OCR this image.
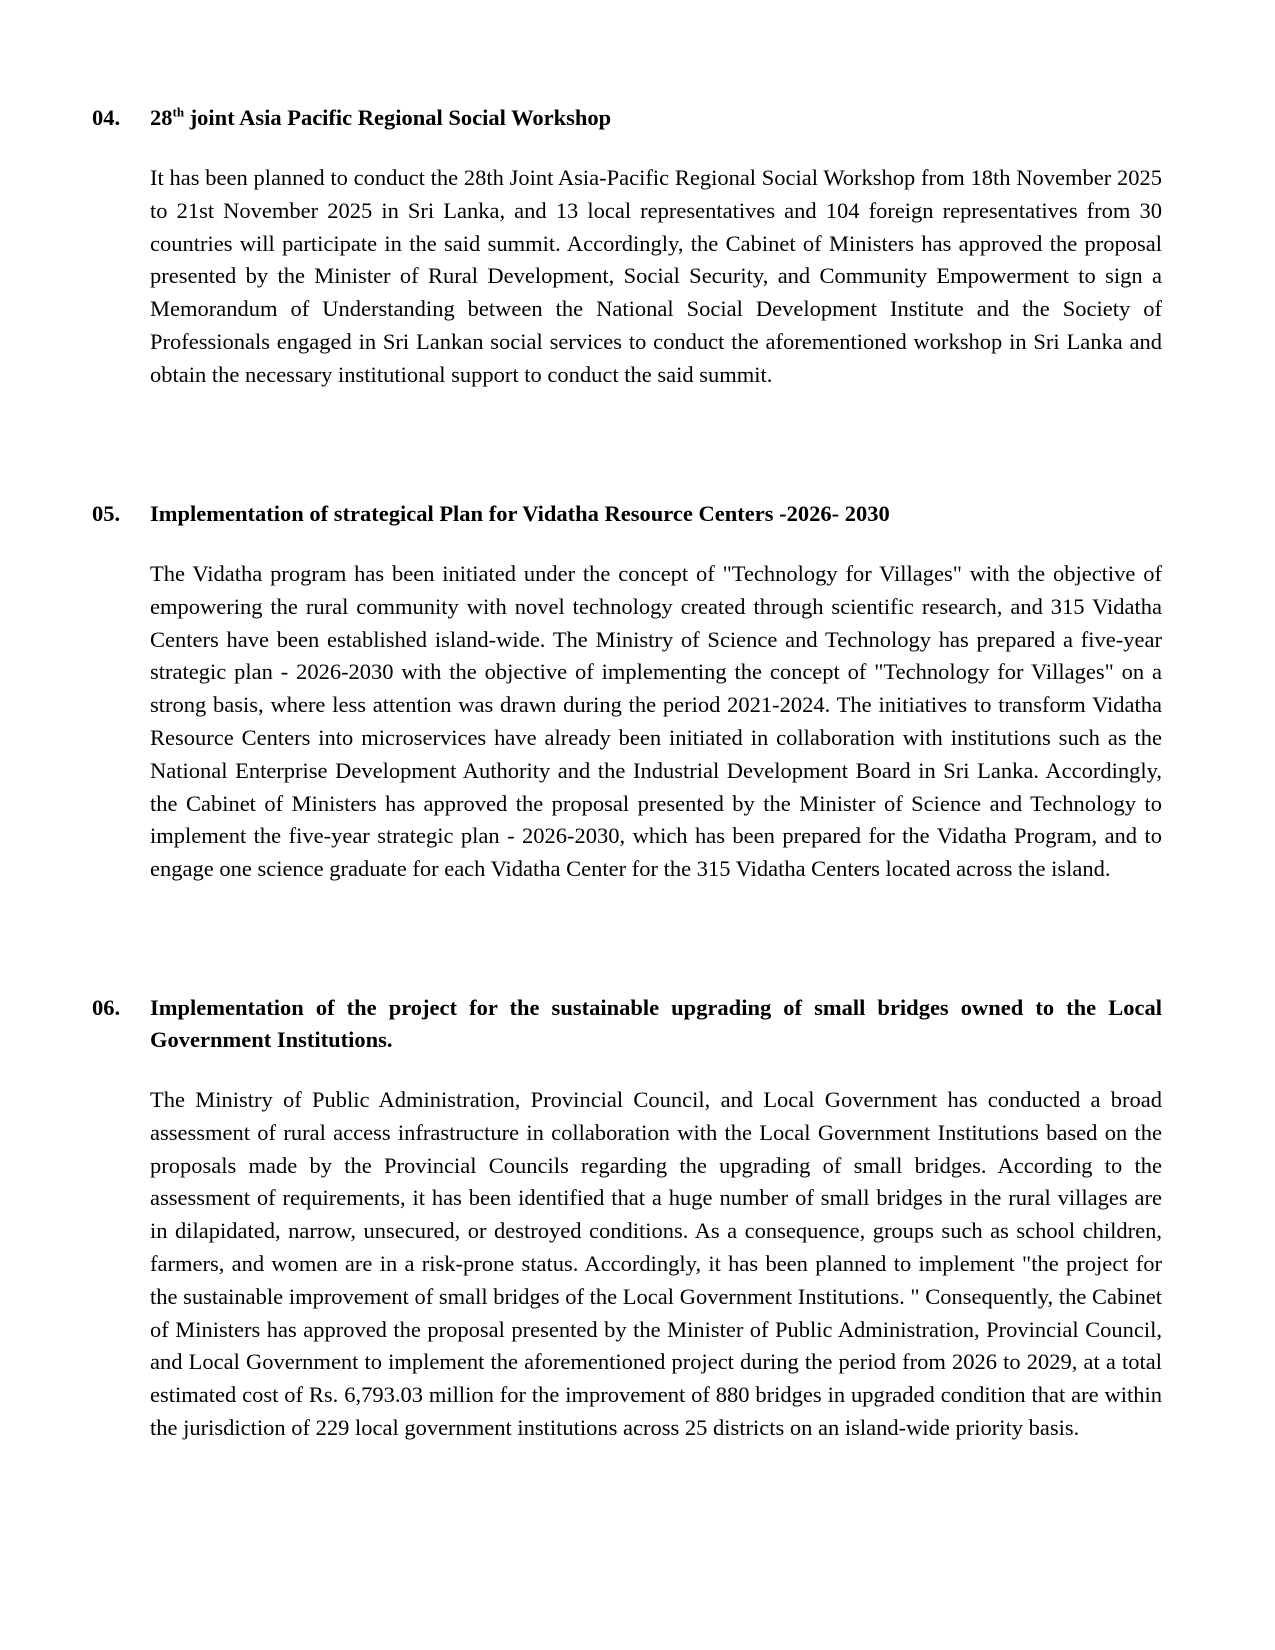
04. 28th joint Asia Pacific Regional Social Workshop
It has been planned to conduct the 28th Joint Asia-Pacific Regional Social Workshop from 18th November 2025 to 21st November 2025 in Sri Lanka, and 13 local representatives and 104 foreign representatives from 30 countries will participate in the said summit. Accordingly, the Cabinet of Ministers has approved the proposal presented by the Minister of Rural Development, Social Security, and Community Empowerment to sign a Memorandum of Understanding between the National Social Development Institute and the Society of Professionals engaged in Sri Lankan social services to conduct the aforementioned workshop in Sri Lanka and obtain the necessary institutional support to conduct the said summit.
05. Implementation of strategical Plan for Vidatha Resource Centers -2026- 2030
The Vidatha program has been initiated under the concept of "Technology for Villages" with the objective of empowering the rural community with novel technology created through scientific research, and 315 Vidatha Centers have been established island-wide. The Ministry of Science and Technology has prepared a five-year strategic plan - 2026-2030 with the objective of implementing the concept of "Technology for Villages" on a strong basis, where less attention was drawn during the period 2021-2024. The initiatives to transform Vidatha Resource Centers into microservices have already been initiated in collaboration with institutions such as the National Enterprise Development Authority and the Industrial Development Board in Sri Lanka. Accordingly, the Cabinet of Ministers has approved the proposal presented by the Minister of Science and Technology to implement the five-year strategic plan - 2026-2030, which has been prepared for the Vidatha Program, and to engage one science graduate for each Vidatha Center for the 315 Vidatha Centers located across the island.
06. Implementation of the project for the sustainable upgrading of small bridges owned to the Local Government Institutions.
The Ministry of Public Administration, Provincial Council, and Local Government has conducted a broad assessment of rural access infrastructure in collaboration with the Local Government Institutions based on the proposals made by the Provincial Councils regarding the upgrading of small bridges. According to the assessment of requirements, it has been identified that a huge number of small bridges in the rural villages are in dilapidated, narrow, unsecured, or destroyed conditions. As a consequence, groups such as school children, farmers, and women are in a risk-prone status. Accordingly, it has been planned to implement "the project for the sustainable improvement of small bridges of the Local Government Institutions. " Consequently, the Cabinet of Ministers has approved the proposal presented by the Minister of Public Administration, Provincial Council, and Local Government to implement the aforementioned project during the period from 2026 to 2029, at a total estimated cost of Rs. 6,793.03 million for the improvement of 880 bridges in upgraded condition that are within the jurisdiction of 229 local government institutions across 25 districts on an island-wide priority basis.
